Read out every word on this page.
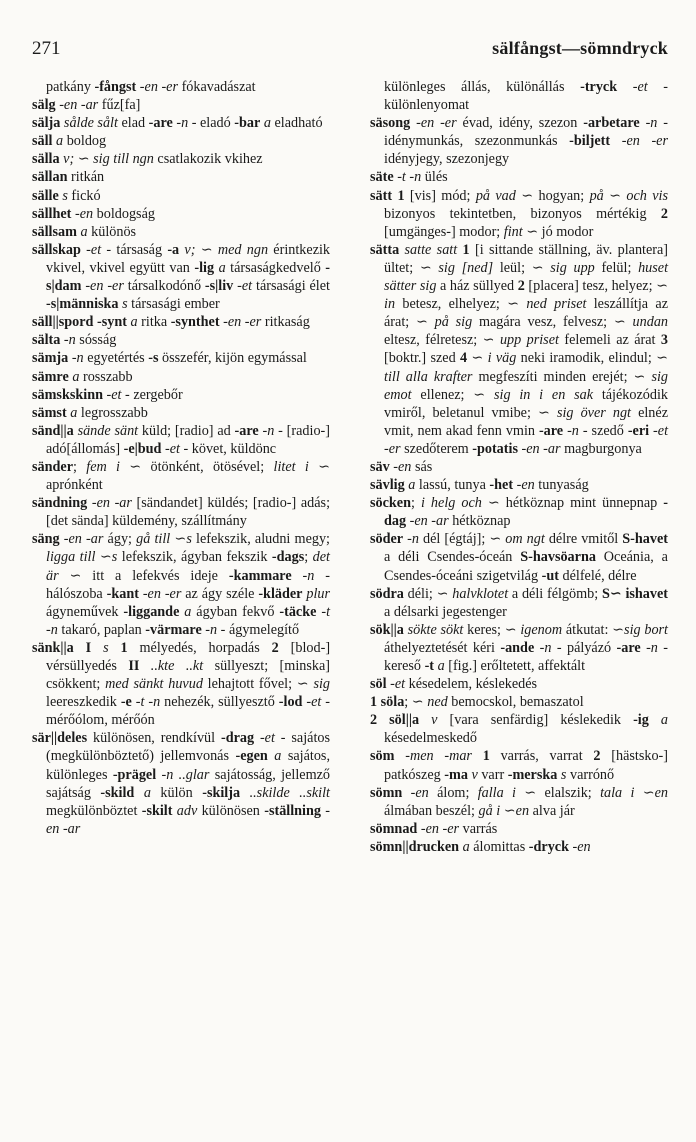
271	sälfångst—sömndryck

patkány -fångst -en -er fókavadászat

sälg -en -ar fűz[fa]

sälja sålde sålt elad -are -n - eladó -bar a eladható

säll a boldog

sälla v; ∽ sig till ngn csatlakozik vkihez

sällan ritkán

sälle s fickó

sällhet -en boldogság

sällsam a különös

sällskap -et - társaság -a v; ∽ med ngn érintkezik vkivel, vkivel együtt van -lig a társaságkedvelő -s|dam -en -er társalkodónő -s|liv -et társasági élet -s|människa s társasági ember

säll||spord -synt a ritka -synthet -en -er ritkaság

sälta -n sósság

sämja -n egyetértés -s összefér, kijön egymással

sämre a rosszabb

sämskskinn -et - zergebőr

sämst a legrosszabb

sänd||a sände sänt küld; [radio] ad -are -n - [radio-] adó[állomás] -e|bud -et - követ, küldönc

sänder; fem i ∽ ötönként, ötösével; litet i ∽ aprónként

sändning -en -ar [sändandet] küldés; [radio-] adás; [det sända] küldemény, szállítmány

säng -en -ar ágy; gå till ∽s lefekszik, aludni megy; ligga till ∽s lefekszik, ágyban fekszik -dags; det är ∽ itt a lefekvés ideje -kammare -n - hálószoba -kant -en -er az ágy széle -kläder plur ágyneművek -liggande a ágyban fekvő -täcke -t -n takaró, paplan -värmare -n - ágymelegítő

sänk||a I s 1 mélyedés, horpadás 2 [blod-] vérsüllyedés II ..kte ..kt süllyeszt; [minska] csökkent; med sänkt huvud lehajtott fővel; ∽ sig leereszkedik -e -t -n nehezék, süllyesztő -lod -et - mérőólom, mérőón

sär||deles különösen, rendkívül -drag -et - sajátos (megkülönböztető) jellemvonás -egen a sajátos, különleges -prägel -n ..glar sajátosság, jellemző sajátság -skild a külön -skilja ..skilde ..skilt megkülönböztet -skilt adv különösen -ställning -en -ar

különleges állás, különállás -tryck -et - különlenyomat

säsong -en -er évad, idény, szezon -arbetare -n - idénymunkás, szezonmunkás -biljett -en -er idényjegy, szezonjegy

säte -t -n ülés

sätt 1 [vis] mód; på vad ∽ hogyan; på ∽ och vis bizonyos tekintetben, bizonyos mértékig 2 [umgänges-] modor; fint ∽ jó modor

sätta satte satt 1 [i sittande ställning, äv. plantera] ültet; ∽ sig [ned] leül; ∽ sig upp felül; huset sätter sig a ház süllyed 2 [placera] tesz, helyez; ∽ in betesz, elhelyez; ∽ ned priset leszállítja az árat; ∽ på sig magára vesz, felvesz; ∽ undan eltesz, félretesz; ∽ upp priset felemeli az árat 3 [boktr.] szed 4 ∽ i väg neki iramodik, elindul; ∽ till alla krafter megfeszíti minden erejét; ∽ sig emot ellenez; ∽ sig in i en sak tájékozódik vmiről, beletanul vmibe; ∽ sig över ngt elnéz vmit, nem akad fenn vmin -are -n - szedő -eri -et -er szedőterem -potatis -en -ar magburgonya

säv -en sás

sävlig a lassú, tunya -het -en tunyaság

söcken; i helg och ∽ hétköznap mint ünnepnap -dag -en -ar hétköznap

söder -n dél [égtáj]; ∽ om ngt délre vmitől S-havet a déli Csendes-óceán S-havsöarna Oceánia, a Csendes-óceáni szigetvilág -ut délfelé, délre

södra déli; ∽ halvklotet a déli félgömb; S∽ ishavet a délsarki jegestenger

sök||a sökte sökt keres; ∽ igenom átkutat: ∽sig bort áthelyeztetését kéri -ande -n - pályázó -are -n - kereső -t a [fig.] erőltetett, affektált

söl -et késedelem, késlekedés

1 söla; ∽ ned bemocskol, bemaszatol

2 söl||a v [vara senfärdig] késlekedik -ig a késedelmeskedő

söm -men -mar 1 varrás, varrat 2 [hästsko-] patkószeg -ma v varr -merska s varrónő

sömn -en álom; falla i ∽ elalszik; tala i ∽en álmában beszél; gå i ∽en alva jár

sömnad -en -er varrás

sömn||drucken a álomittas -dryck -en
